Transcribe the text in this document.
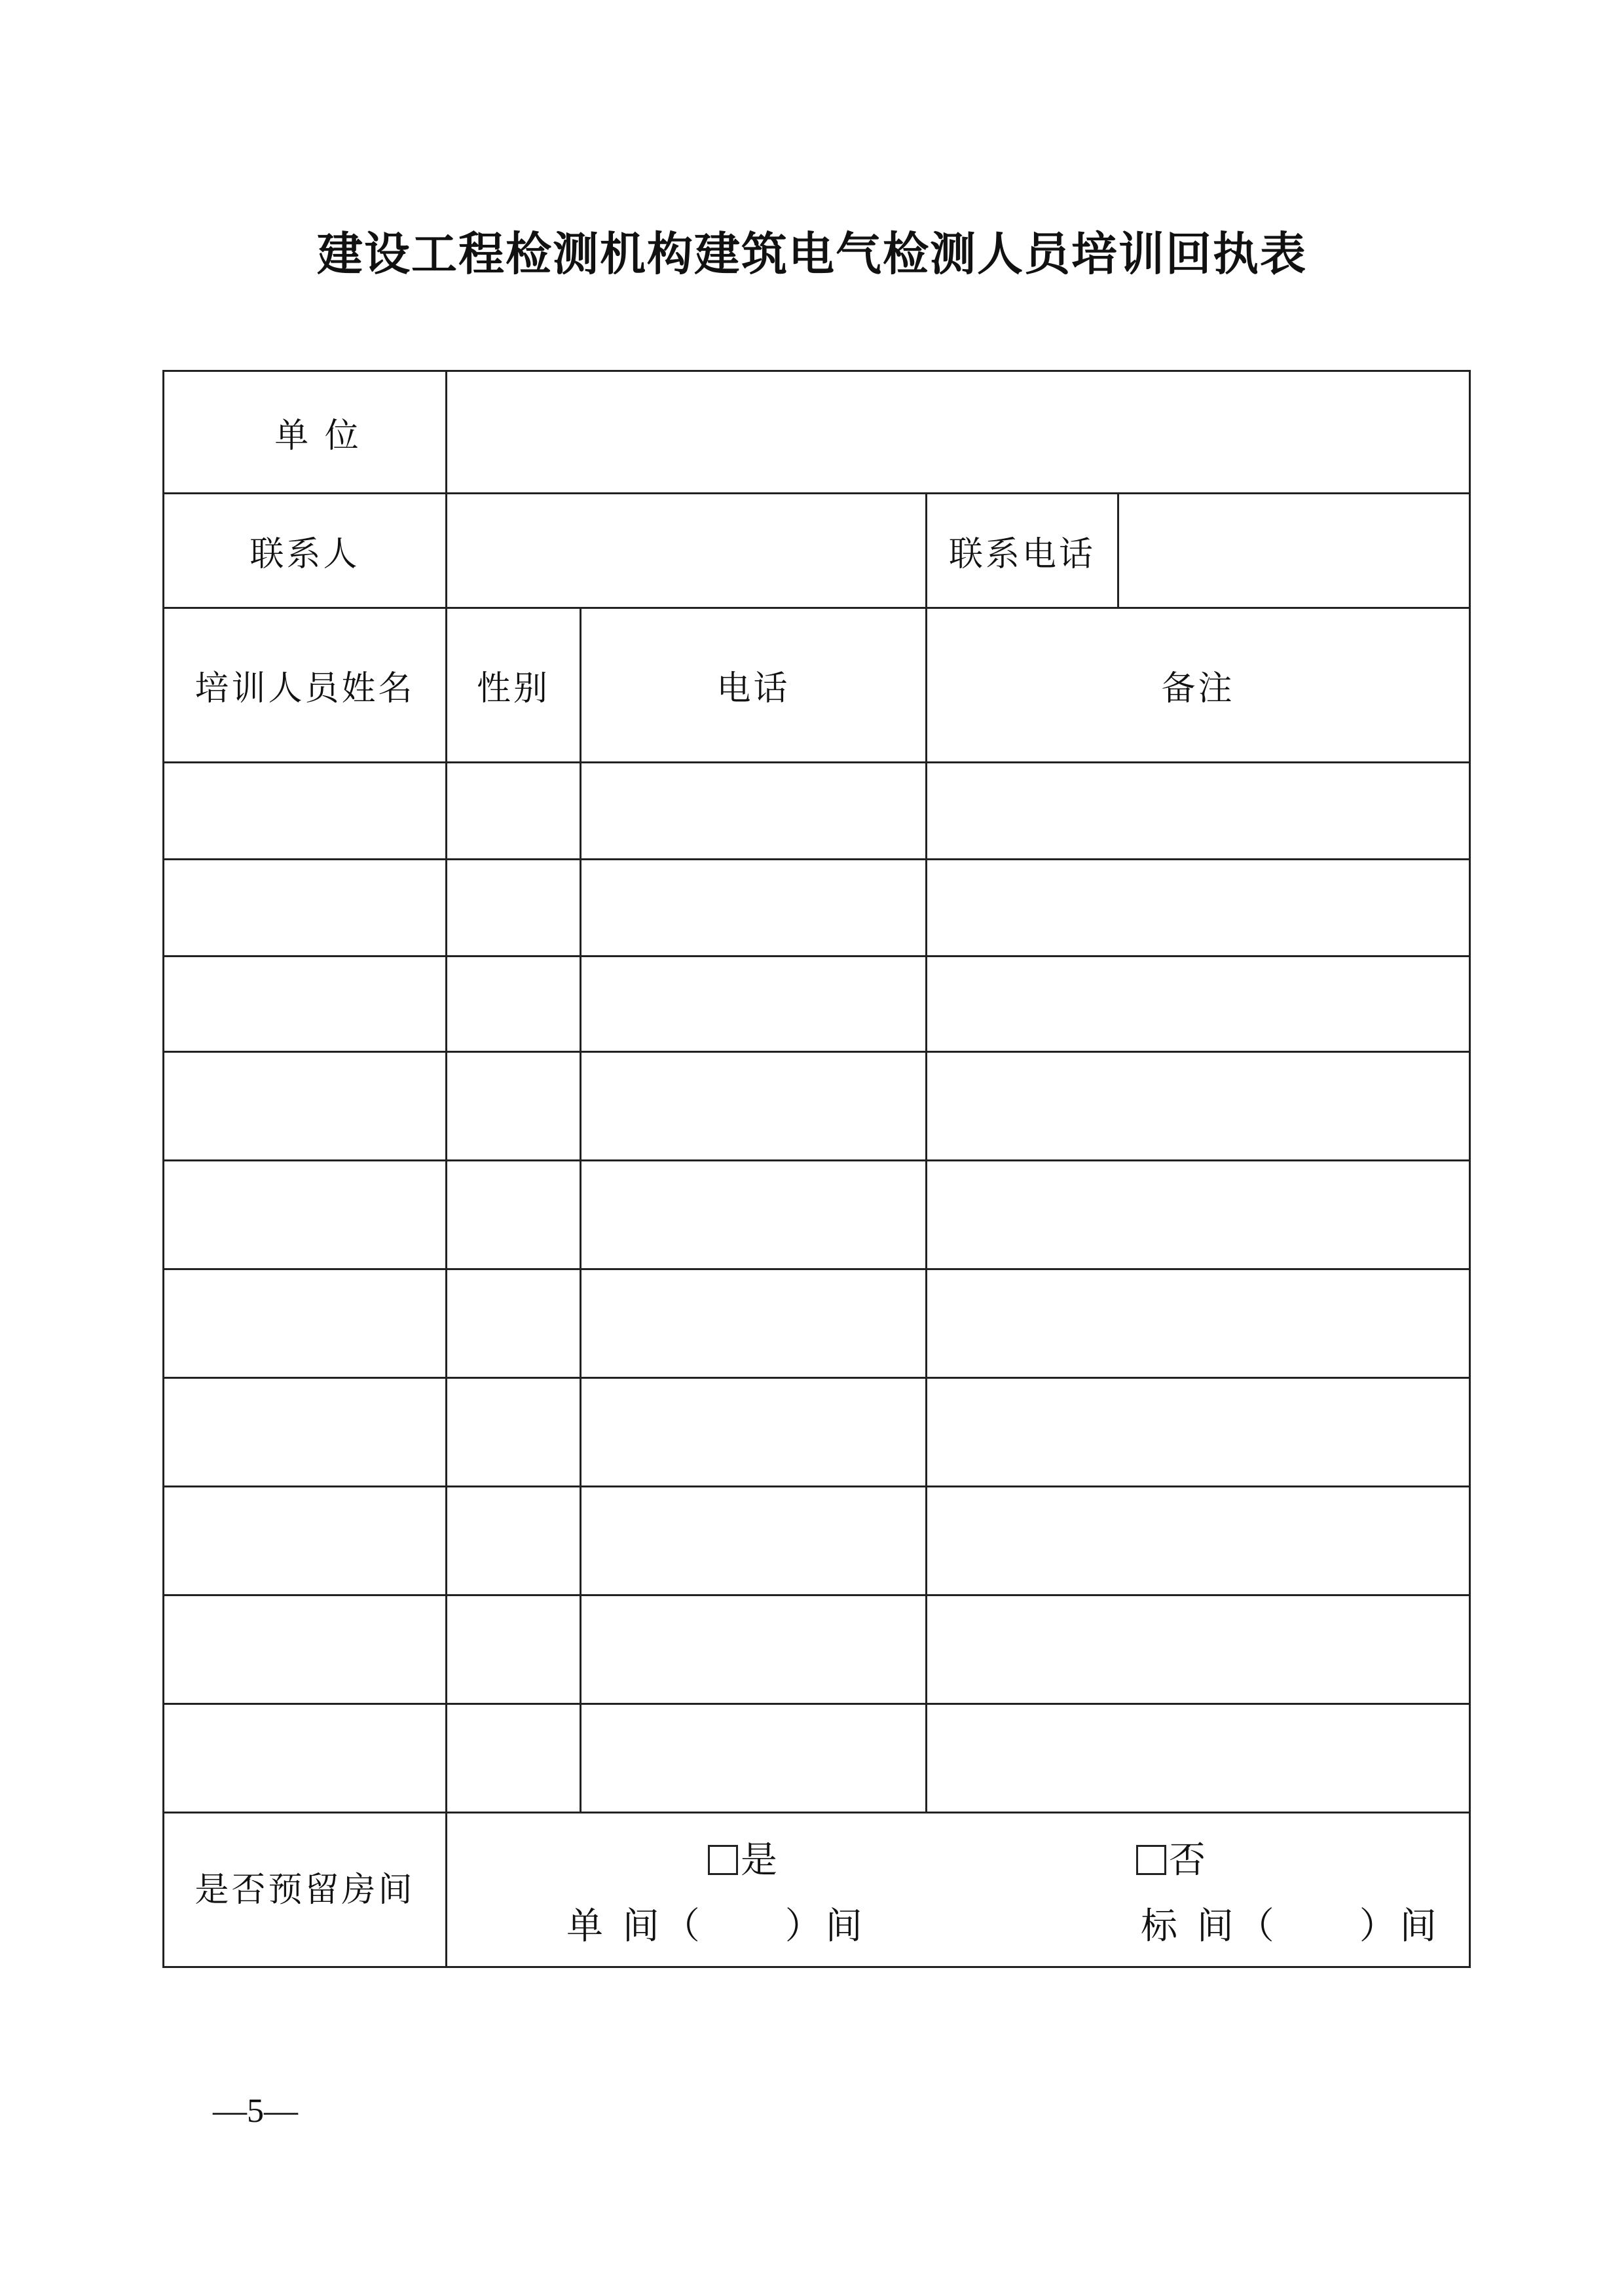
建设工程检测机构建筑电气检测人员培训回执表
单 位				
联系人			联系电话	
培训人员姓名	性别	电话	备注	

是否预留房间	是 否
单 间（　　）间 标 间（　　）间			
—5—
